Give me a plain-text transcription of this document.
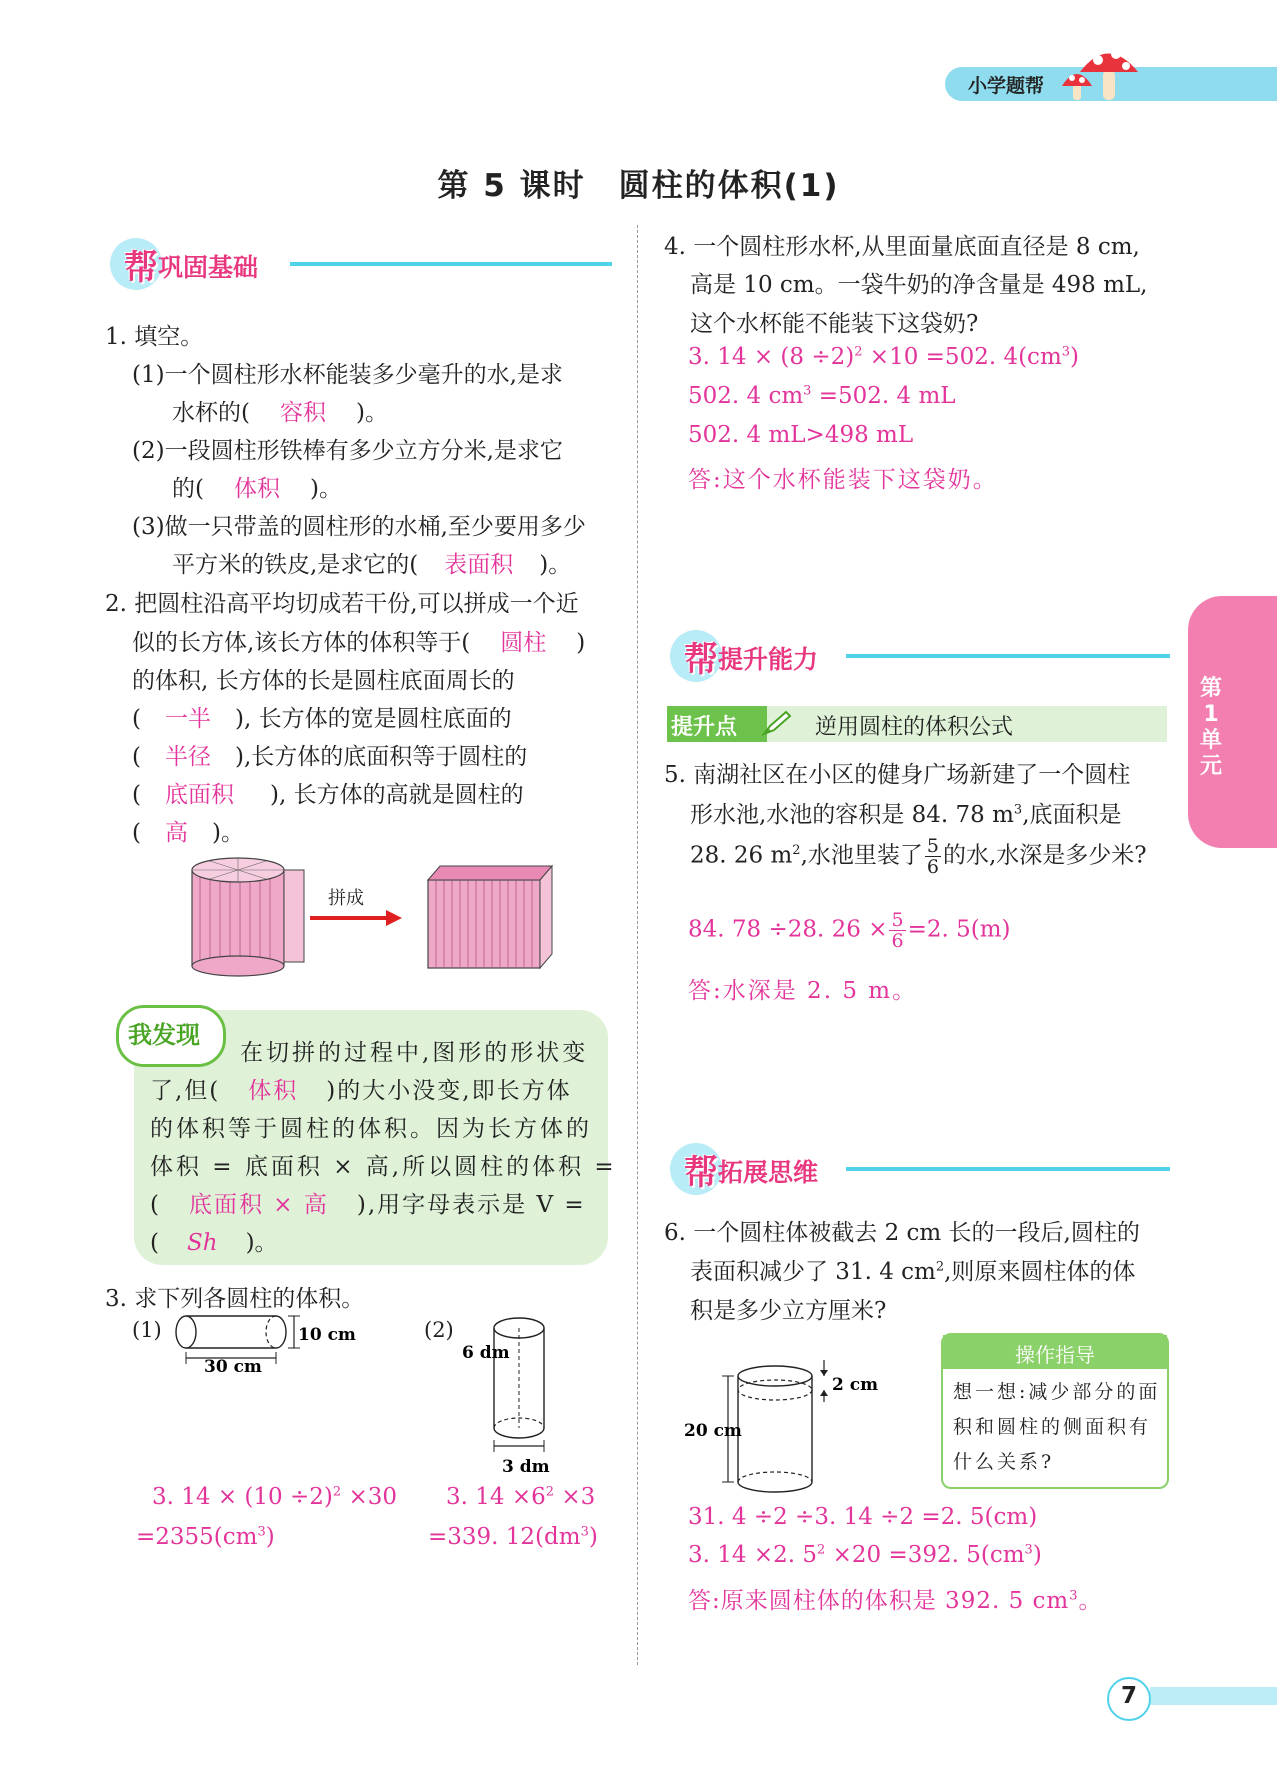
小学题帮
第 5 课时　圆柱的体积(1)
帮 巩固基础
1. 填空。
(1)一个圆柱形水杯能装多少毫升的水,是求
水杯的( 容积 )。
(2)一段圆柱形铁棒有多少立方分米,是求它
的( 体积 )。
(3)做一只带盖的圆柱形的水桶,至少要用多少
平方米的铁皮,是求它的( 表面积 )。
2. 把圆柱沿高平均切成若干份,可以拼成一个近
似的长方体,该长方体的体积等于( 圆柱 )
的体积, 长方体的长是圆柱底面周长的
( 一半 ), 长方体的宽是圆柱底面的
( 半径 ),长方体的底面积等于圆柱的
( 底面积 ), 长方体的高就是圆柱的
( 高 )。
拼成
我发现
在切拼的过程中,图形的形状变
了,但( 体积 )的大小没变,即长方体
的体积等于圆柱的体积。因为长方体的
体积 = 底面积 × 高,所以圆柱的体积 =
( 底面积 × 高 ),用字母表示是 V =
( Sh )。
3. 求下列各圆柱的体积。
(1)	10 cm
30 cm
(2)
6 dm
3 dm
3. $14 \times (10 \div 2)^2 \times 30$
$=2355(cm^3)$
3. $14 \times 6^2 \times 3$
=339. $12(dm^3)$
4. 一个圆柱形水杯,从里面量底面直径是 8 cm,
高是 10 cm。一袋牛奶的净含量是 498 mL,
这个水杯能不能装下这袋奶?
3. $14 \times (8 \div 2)^2 \times 10 =502$. $4(cm^3)$
502. 4 $cm^3 =502$. 4 mL
502. 4 mL>498 mL
答:这个水杯能装下这袋奶。
帮 提升能力
第1单元
提升点	逆用圆柱的体积公式
5. 南湖社区在小区的健身广场新建了一个圆柱
形水池,水池的容积是 84. 78 $m^3$,底面积是
28. 26 $m^2$,水池里装了 $\frac{5}{6}$ 的水,水深是多少米?
84. 78 ÷28. $26 \times \frac{5}{6} =2$. 5(m)
答:水深是 2. 5 m。
帮 拓展思维
6. 一个圆柱体被截去 2 cm 长的一段后,圆柱的
表面积减少了 31. 4 $cm^2$,则原来圆柱体的体
积是多少立方厘米?
20 cm
2 cm
操作指导
想一想:减少部分的面积和圆柱的侧面积有什么关系?
31. 4 ÷2 ÷3. 14 ÷2 =2. 5(cm)
3. 14 ×2. $5^2 \times 20 =392$. $5(cm^3)$
答:原来圆柱体的体积是 392. 5 $cm^3$。
7
